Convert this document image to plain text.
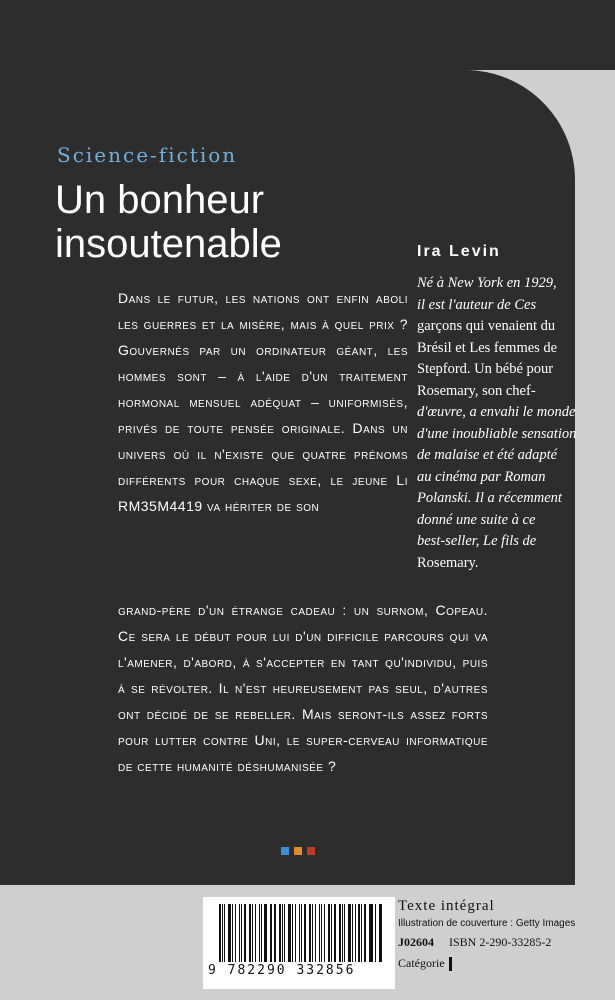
Science-fiction
Un bonheur
insoutenable	Ira Levin
Né à New York en 1929,
il est l'auteur de Ces
garçons qui venaient du
Brésil et Les femmes de
Stepford. Un bébé pour
Rosemary, son chef-
d'œuvre, a envahi le monde
d'une inoubliable sensation
de malaise et été adapté
au cinéma par Roman
Polanski. Il a récemment
donné une suite à ce
best-seller, Le fils de
Rosemary.
Dans le futur, les nations ont enfin aboli les guerres et la misère, mais à quel prix ? Gouvernés par un ordinateur géant, les hommes sont – à l'aide d'un traitement hormonal mensuel adéquat – uniformisés, privés de toute pensée originale. Dans un univers où il n'existe que quatre prénoms différents pour chaque sexe, le jeune Li RM35M4419 va hériter de son
grand-père d'un étrange cadeau : un surnom, Copeau. Ce sera le début pour lui d'un difficile parcours qui va l'amener, d'abord, à s'accepter en tant qu'individu, puis à se révolter. Il n'est heureusement pas seul, d'autres ont décidé de se rebeller. Mais seront-ils assez forts pour lutter contre Uni, le super-cerveau informatique de cette humanité déshumanisée ?
9 782290 332856
Texte intégral
Illustration de couverture : Getty Images
J02604 ISBN 2-290-33285-2
Catégorie
